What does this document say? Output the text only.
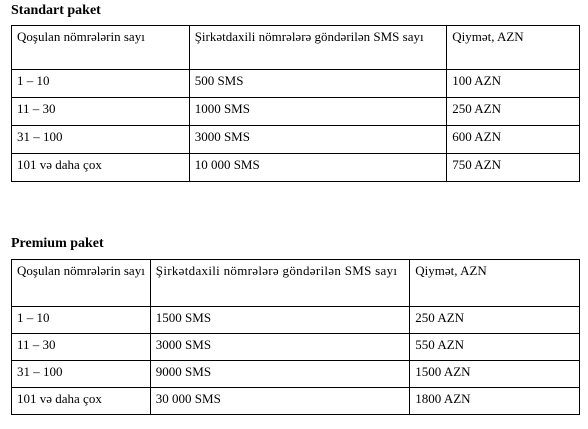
Standart paket
Qoşulan nömrələrin sayı	Şirkətdaxili nömrələrə göndərilən SMS sayı	Qiymət, AZN
1 – 10	500 SMS	100 AZN
11 – 30	1000 SMS	250 AZN
31 – 100	3000 SMS	600 AZN
101 və daha çox	10 000 SMS	750 AZN
Premium paket
Qoşulan nömrələrin sayı	Şirkətdaxili nömrələrə göndərilən SMS sayı	Qiymət, AZN
1 – 10	1500 SMS	250 AZN
11 – 30	3000 SMS	550 AZN
31 – 100	9000 SMS	1500 AZN
101 və daha çox	30 000 SMS	1800 AZN
